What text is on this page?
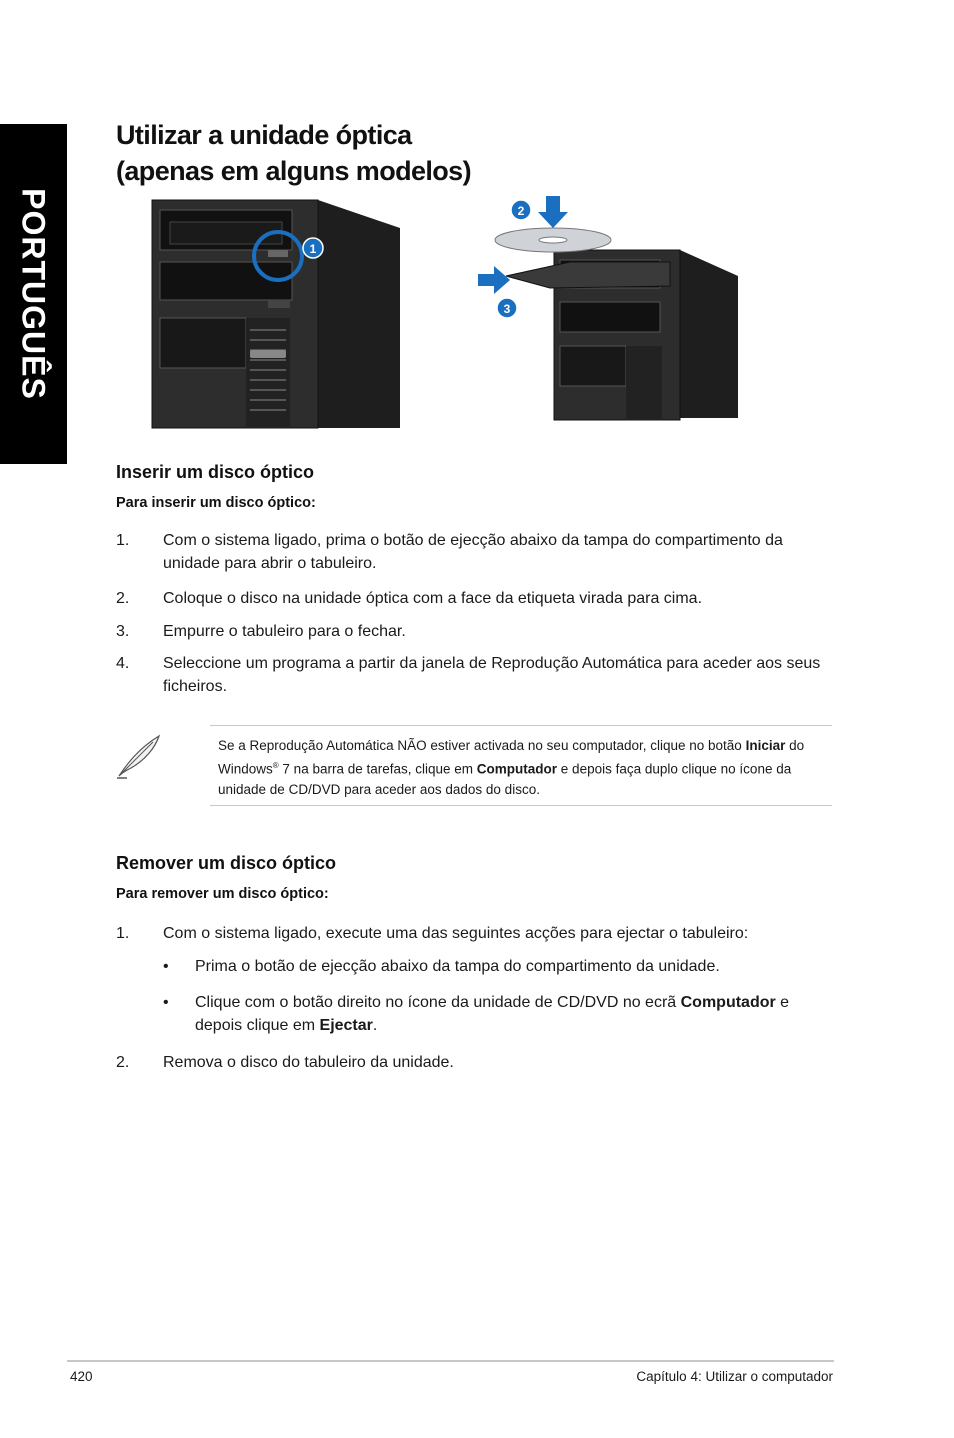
PORTUGUÊS
Utilizar a unidade óptica
(apenas em alguns modelos)
1
2
3
Inserir um disco óptico
Para inserir um disco óptico:
1. Com o sistema ligado, prima o botão de ejecção abaixo da tampa do compartimento da unidade para abrir o tabuleiro.
2. Coloque o disco na unidade óptica com a face da etiqueta virada para cima.
3. Empurre o tabuleiro para o fechar.
4. Seleccione um programa a partir da janela de Reprodução Automática para aceder aos seus ficheiros.
Se a Reprodução Automática NÃO estiver activada no seu computador, clique no botão Iniciar do Windows® 7 na barra de tarefas, clique em Computador e depois faça duplo clique no ícone da unidade de CD/DVD para aceder aos dados do disco.
Remover um disco óptico
Para remover um disco óptico:
1. Com o sistema ligado, execute uma das seguintes acções para ejectar o tabuleiro:
• Prima o botão de ejecção abaixo da tampa do compartimento da unidade.
• Clique com o botão direito no ícone da unidade de CD/DVD no ecrã Computador e depois clique em Ejectar.
2. Remova o disco do tabuleiro da unidade.
420	Capítulo 4: Utilizar o computador
